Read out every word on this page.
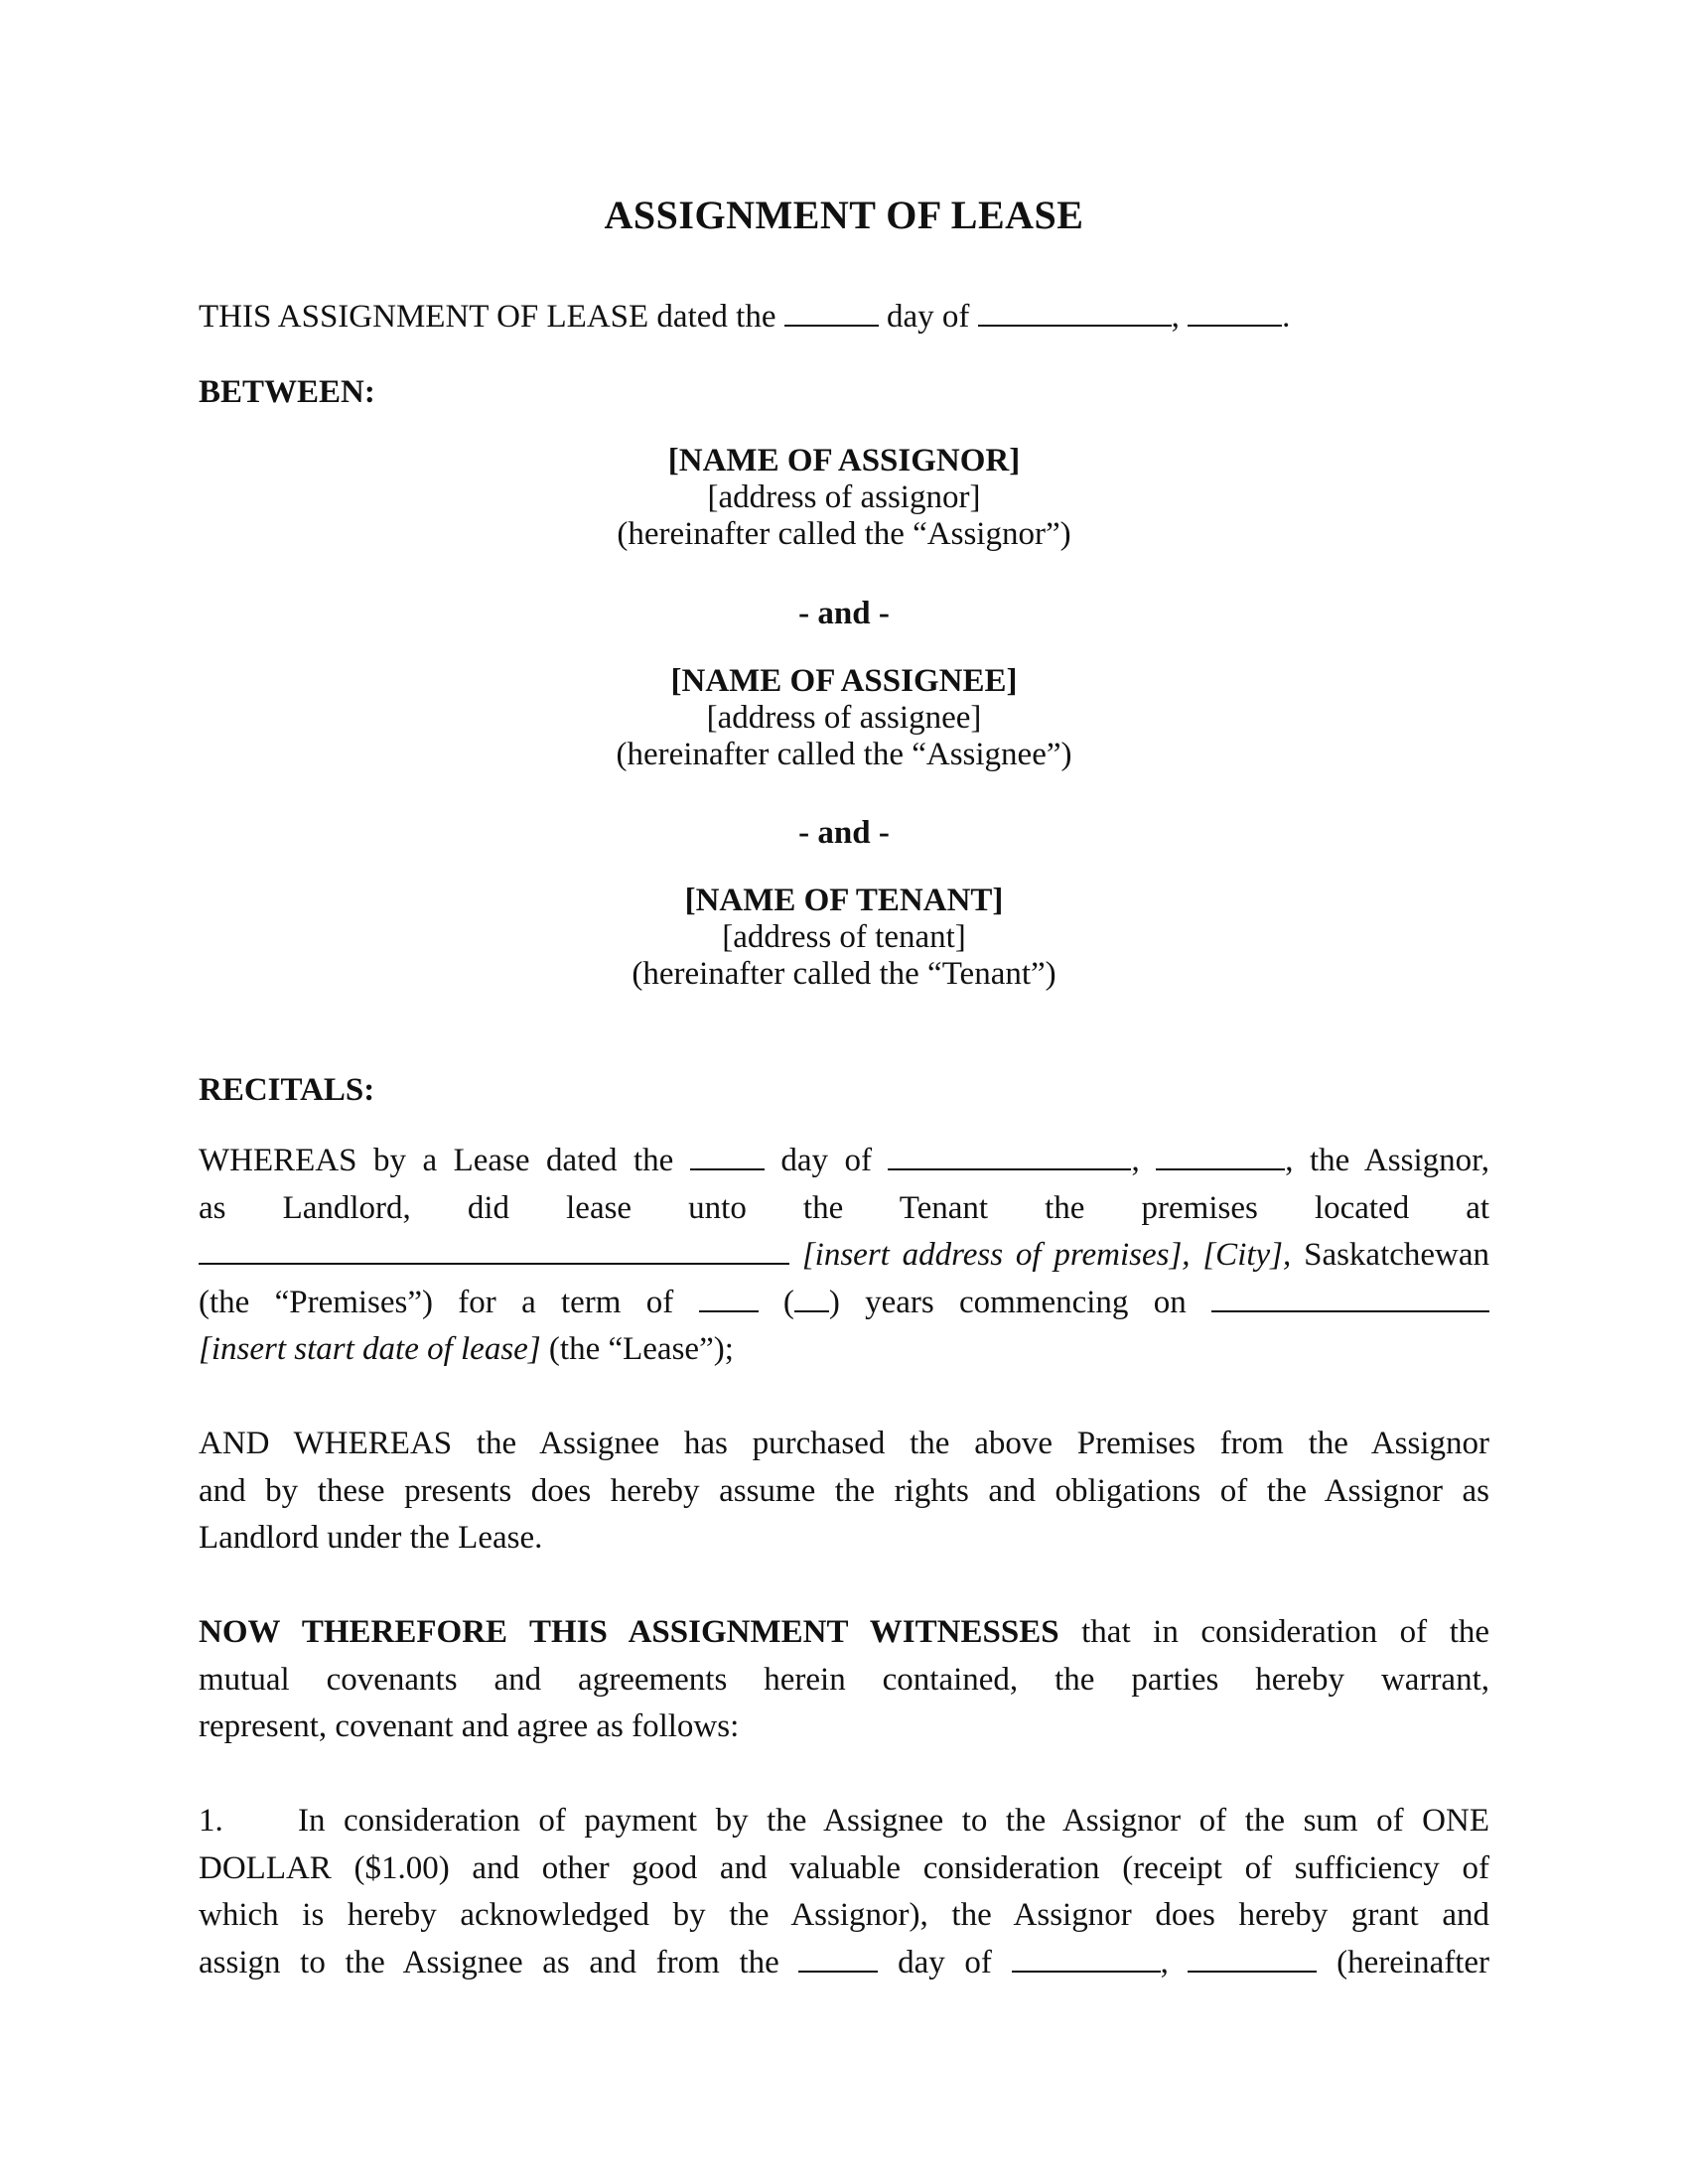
ASSIGNMENT OF LEASE
THIS ASSIGNMENT OF LEASE dated the	day of	,	.
BETWEEN:
[NAME OF ASSIGNOR]
[address of assignor]
(hereinafter called the “Assignor”)
- and -
[NAME OF ASSIGNEE]
[address of assignee]
(hereinafter called the “Assignee”)
- and -
[NAME OF TENANT]
[address of tenant]
(hereinafter called the “Tenant”)
RECITALS:
WHEREAS by a Lease dated the	day of	,	, the Assignor,
as Landlord, did lease unto the Tenant the premises located at
[insert address of premises], [City], Saskatchewan
(the “Premises”) for a term of	( ) years commencing on
[insert start date of lease] (the “Lease”);
AND WHEREAS the Assignee has purchased the above Premises from the Assignor
and by these presents does hereby assume the rights and obligations of the Assignor as
Landlord under the Lease.
NOW THEREFORE THIS ASSIGNMENT WITNESSES that in consideration of the
mutual covenants and agreements herein contained, the parties hereby warrant,
represent, covenant and agree as follows:
1. In consideration of payment by the Assignee to the Assignor of the sum of ONE
DOLLAR ($1.00) and other good and valuable consideration (receipt of sufficiency of
which is hereby acknowledged by the Assignor), the Assignor does hereby grant and
assign to the Assignee as and from the	day of	,	(hereinafter
